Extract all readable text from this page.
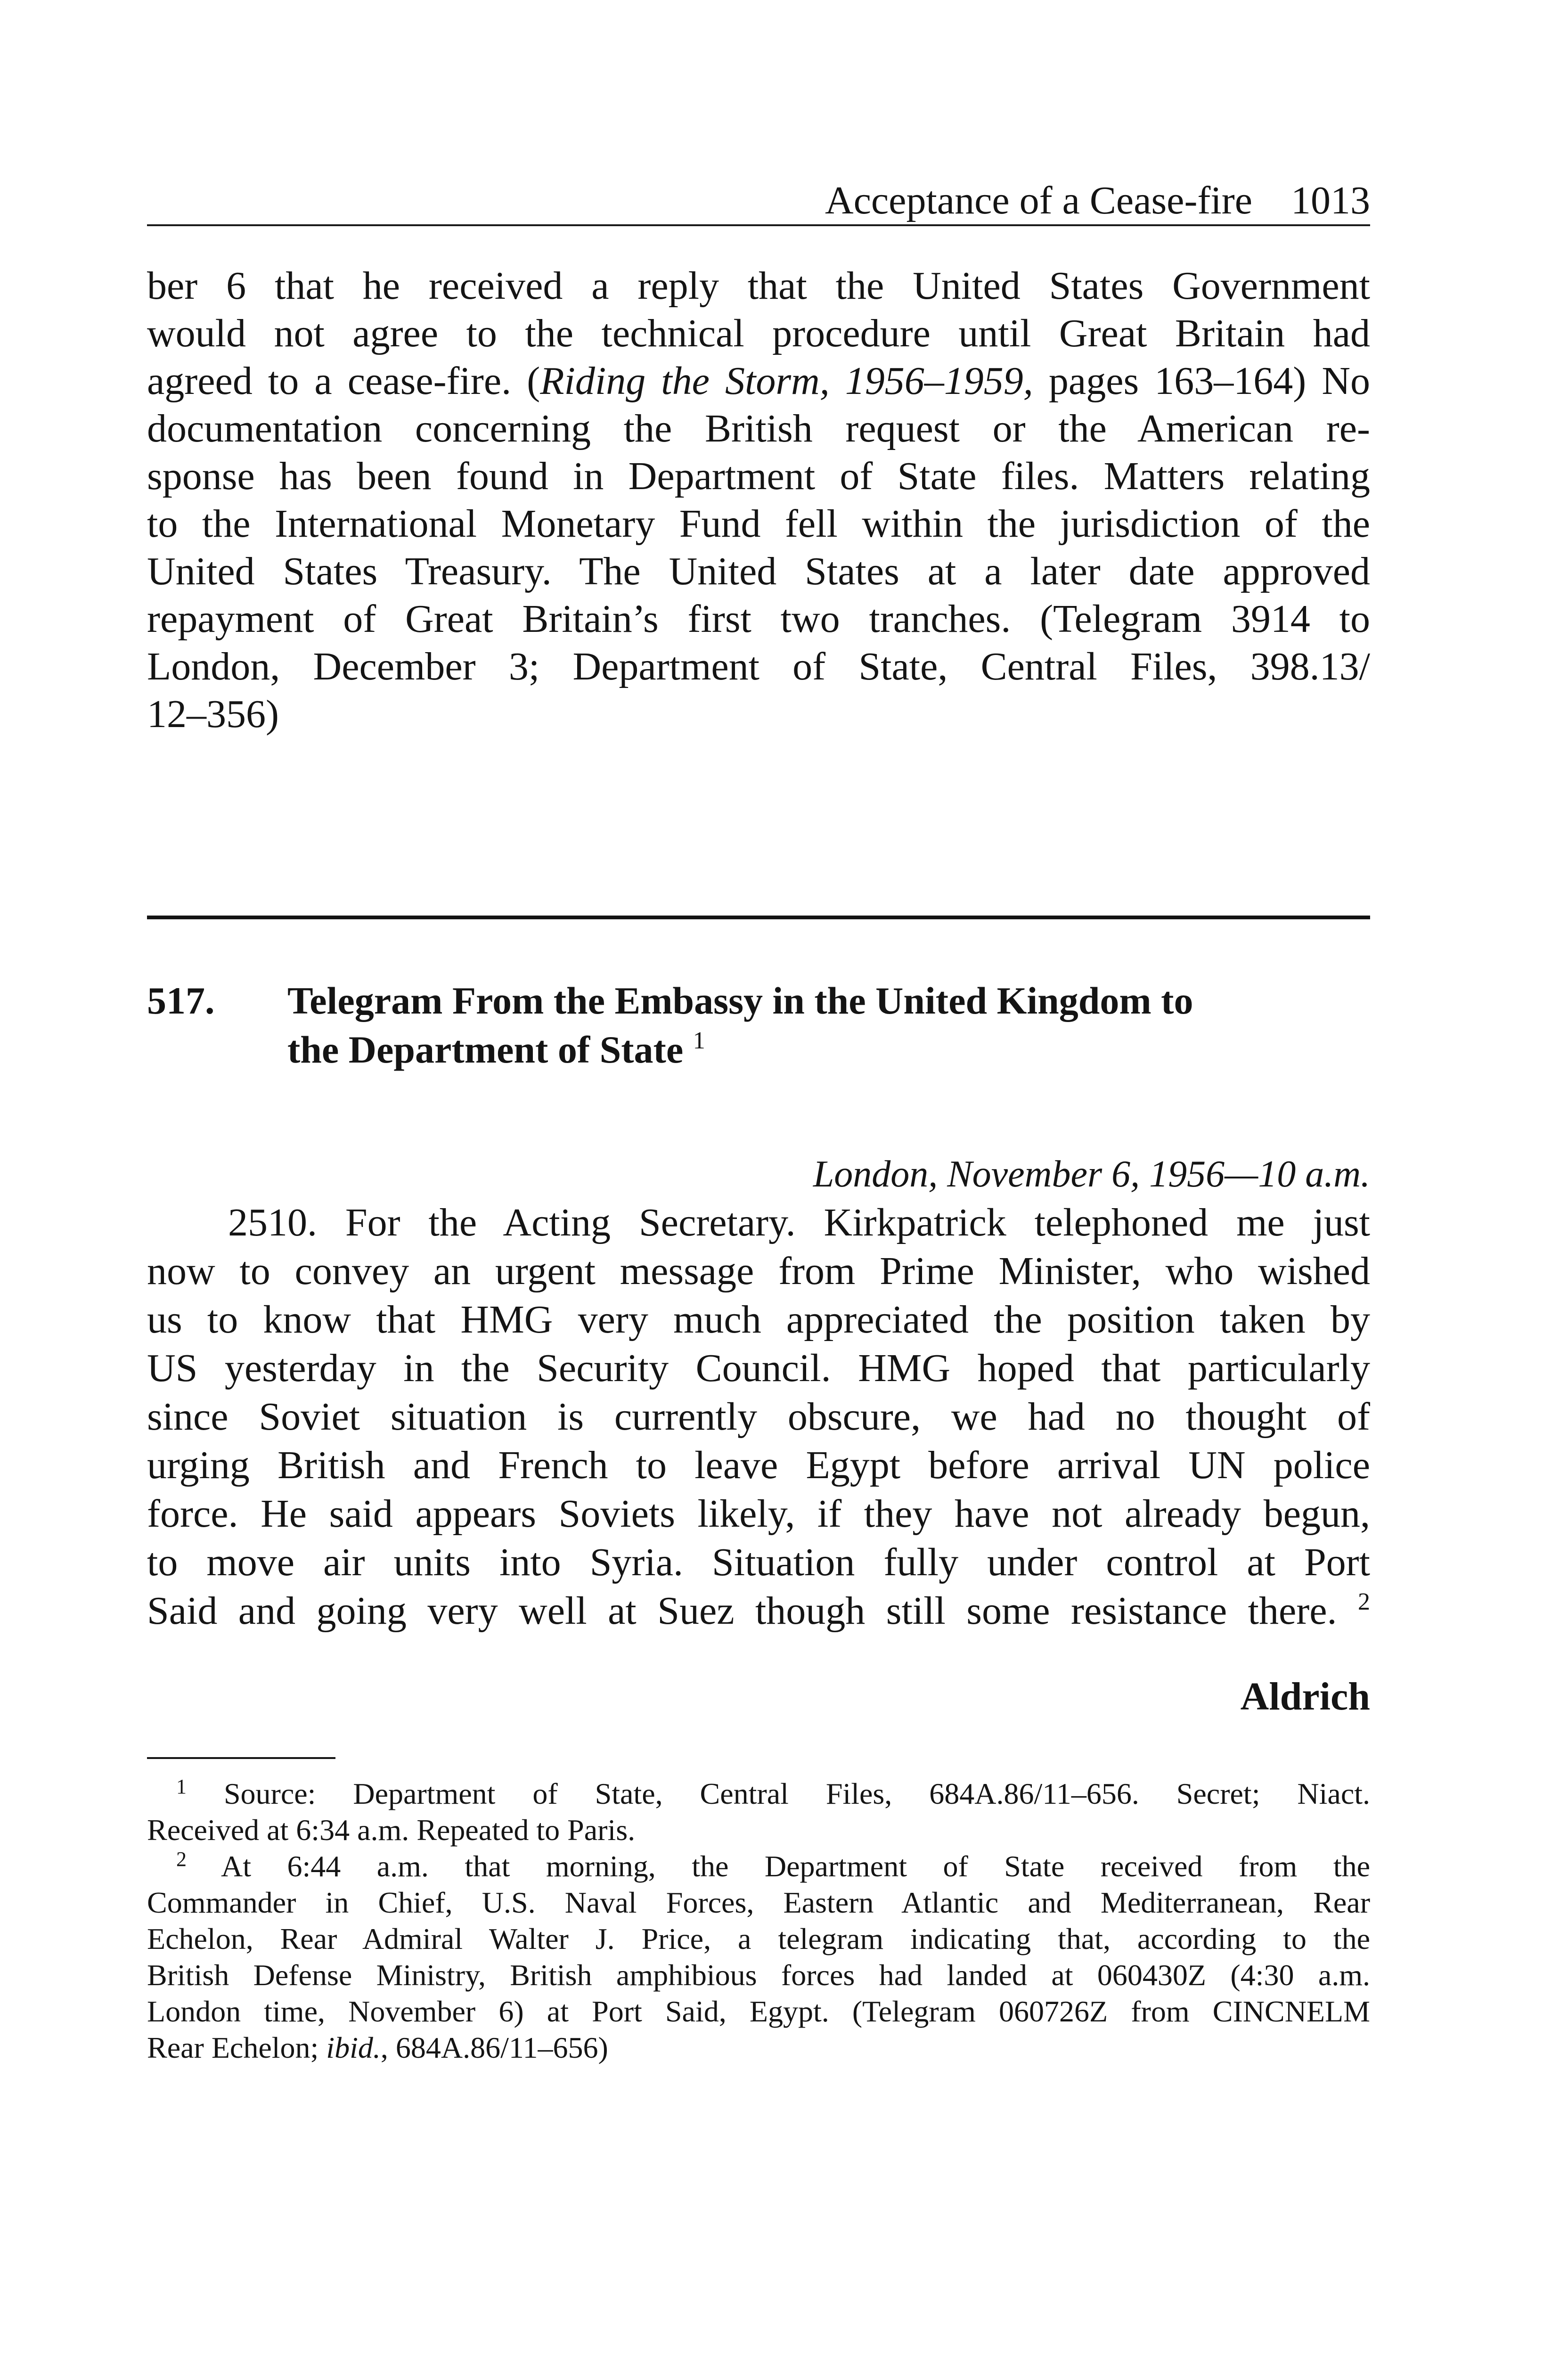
Acceptance of a Cease-fire 1013
ber 6 that he received a reply that the United States Government
would not agree to the technical procedure until Great Britain had
agreed to a cease-fire. (Riding the Storm, 1956–1959, pages 163–164) No
documentation concerning the British request or the American re-
sponse has been found in Department of State files. Matters relating
to the International Monetary Fund fell within the jurisdiction of the
United States Treasury. The United States at a later date approved
repayment of Great Britain’s first two tranches. (Telegram 3914 to
London, December 3; Department of State, Central Files, 398.13/
12–356)
517. Telegram From the Embassy in the United Kingdom to
the Department of State $^1$
London, November 6, 1956—10 a.m.
2510. For the Acting Secretary. Kirkpatrick telephoned me just
now to convey an urgent message from Prime Minister, who wished
us to know that HMG very much appreciated the position taken by
US yesterday in the Security Council. HMG hoped that particularly
since Soviet situation is currently obscure, we had no thought of
urging British and French to leave Egypt before arrival UN police
force. He said appears Soviets likely, if they have not already begun,
to move air units into Syria. Situation fully under control at Port
Said and going very well at Suez though still some resistance there. $^2$
Aldrich
$^1$ Source: Department of State, Central Files, 684A.86/11–656. Secret; Niact.
Received at 6:34 a.m. Repeated to Paris.
$^2$ At 6:44 a.m. that morning, the Department of State received from the
Commander in Chief, U.S. Naval Forces, Eastern Atlantic and Mediterranean, Rear
Echelon, Rear Admiral Walter J. Price, a telegram indicating that, according to the
British Defense Ministry, British amphibious forces had landed at 060430Z (4:30 a.m.
London time, November 6) at Port Said, Egypt. (Telegram 060726Z from CINCNELM
Rear Echelon; ibid., 684A.86/11–656)
